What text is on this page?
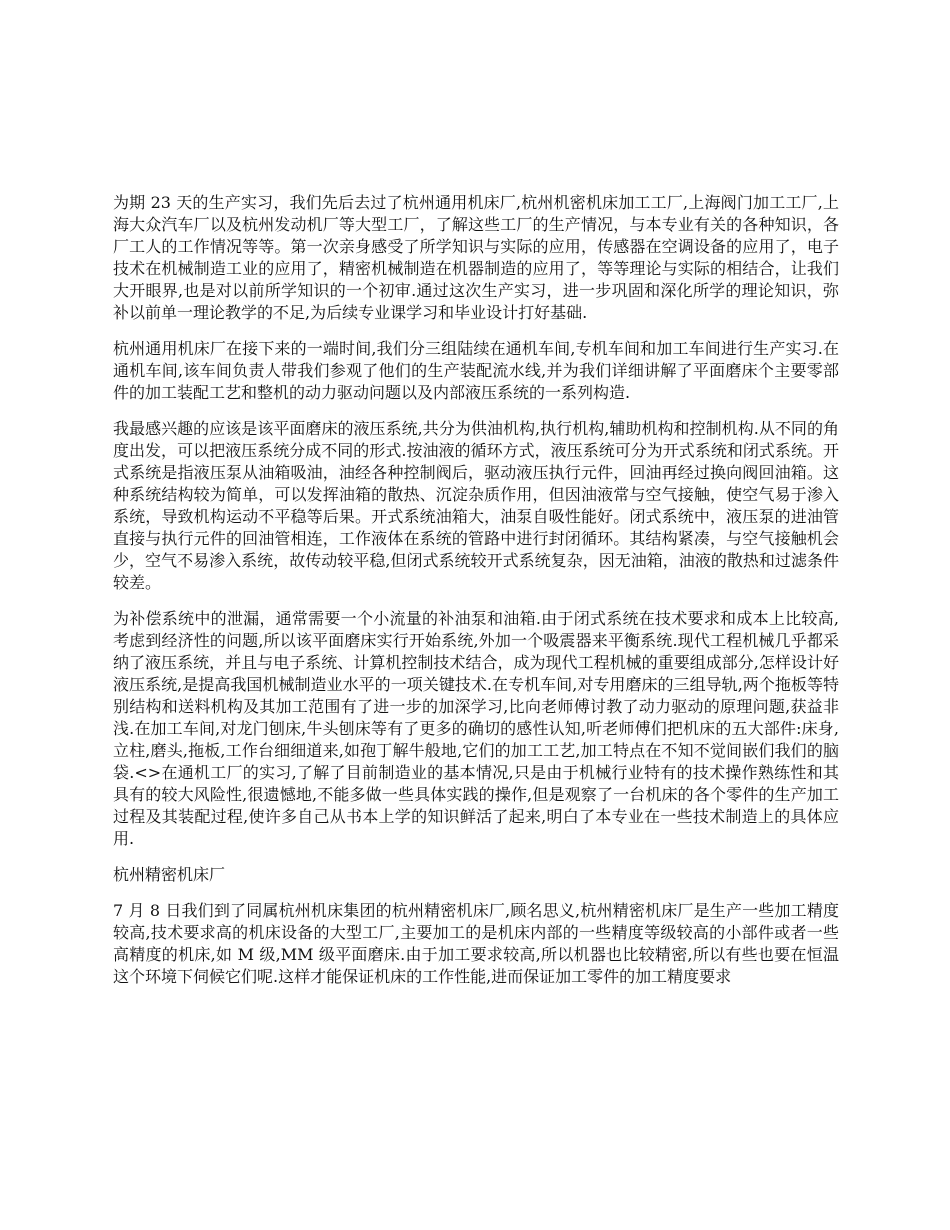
为期 23 天的生产实习，我们先后去过了杭州通用机床厂,杭州机密机床加工工厂,上海阀门加工工厂,上海大众汽车厂以及杭州发动机厂等大型工厂，了解这些工厂的生产情况，与本专业有关的各种知识，各厂工人的工作情况等等。第一次亲身感受了所学知识与实际的应用，传感器在空调设备的应用了，电子技术在机械制造工业的应用了，精密机械制造在机器制造的应用了，等等理论与实际的相结合，让我们大开眼界,也是对以前所学知识的一个初审.通过这次生产实习，进一步巩固和深化所学的理论知识，弥补以前单一理论教学的不足,为后续专业课学习和毕业设计打好基础.

杭州通用机床厂在接下来的一端时间,我们分三组陆续在通机车间,专机车间和加工车间进行生产实习.在通机车间,该车间负责人带我们参观了他们的生产装配流水线,并为我们详细讲解了平面磨床个主要零部件的加工装配工艺和整机的动力驱动问题以及内部液压系统的一系列构造.

我最感兴趣的应该是该平面磨床的液压系统,共分为供油机构,执行机构,辅助机构和控制机构.从不同的角度出发，可以把液压系统分成不同的形式.按油液的循环方式，液压系统可分为开式系统和闭式系统。开式系统是指液压泵从油箱吸油，油经各种控制阀后，驱动液压执行元件，回油再经过换向阀回油箱。这种系统结构较为简单，可以发挥油箱的散热、沉淀杂质作用，但因油液常与空气接触，使空气易于渗入系统，导致机构运动不平稳等后果。开式系统油箱大，油泵自吸性能好。闭式系统中，液压泵的进油管直接与执行元件的回油管相连，工作液体在系统的管路中进行封闭循环。其结构紧凑，与空气接触机会少，空气不易渗入系统，故传动较平稳,但闭式系统较开式系统复杂，因无油箱，油液的散热和过滤条件较差。

为补偿系统中的泄漏，通常需要一个小流量的补油泵和油箱.由于闭式系统在技术要求和成本上比较高,考虑到经济性的问题,所以该平面磨床实行开始系统,外加一个吸震器来平衡系统.现代工程机械几乎都采纳了液压系统，并且与电子系统、计算机控制技术结合，成为现代工程机械的重要组成部分,怎样设计好液压系统,是提高我国机械制造业水平的一项关键技术.在专机车间,对专用磨床的三组导轨,两个拖板等特别结构和送料机构及其加工范围有了进一步的加深学习,比向老师傅讨教了动力驱动的原理问题,获益非浅.在加工车间,对龙门刨床,牛头刨床等有了更多的确切的感性认知,听老师傅们把机床的五大部件:床身,立柱,磨头,拖板,工作台细细道来,如孢丁解牛般地,它们的加工工艺,加工特点在不知不觉间嵌们我们的脑袋.<>在通机工厂的实习,了解了目前制造业的基本情况,只是由于机械行业特有的技术操作熟练性和其具有的较大风险性,很遗憾地,不能多做一些具体实践的操作,但是观察了一台机床的各个零件的生产加工过程及其装配过程,使许多自己从书本上学的知识鲜活了起来,明白了本专业在一些技术制造上的具体应用.

杭州精密机床厂

7 月 8 日我们到了同属杭州机床集团的杭州精密机床厂,顾名思义,杭州精密机床厂是生产一些加工精度较高,技术要求高的机床设备的大型工厂,主要加工的是机床内部的一些精度等级较高的小部件或者一些高精度的机床,如 M 级,MM 级平面磨床.由于加工要求较高,所以机器也比较精密,所以有些也要在恒温这个环境下伺候它们呢.这样才能保证机床的工作性能,进而保证加工零件的加工精度要求
